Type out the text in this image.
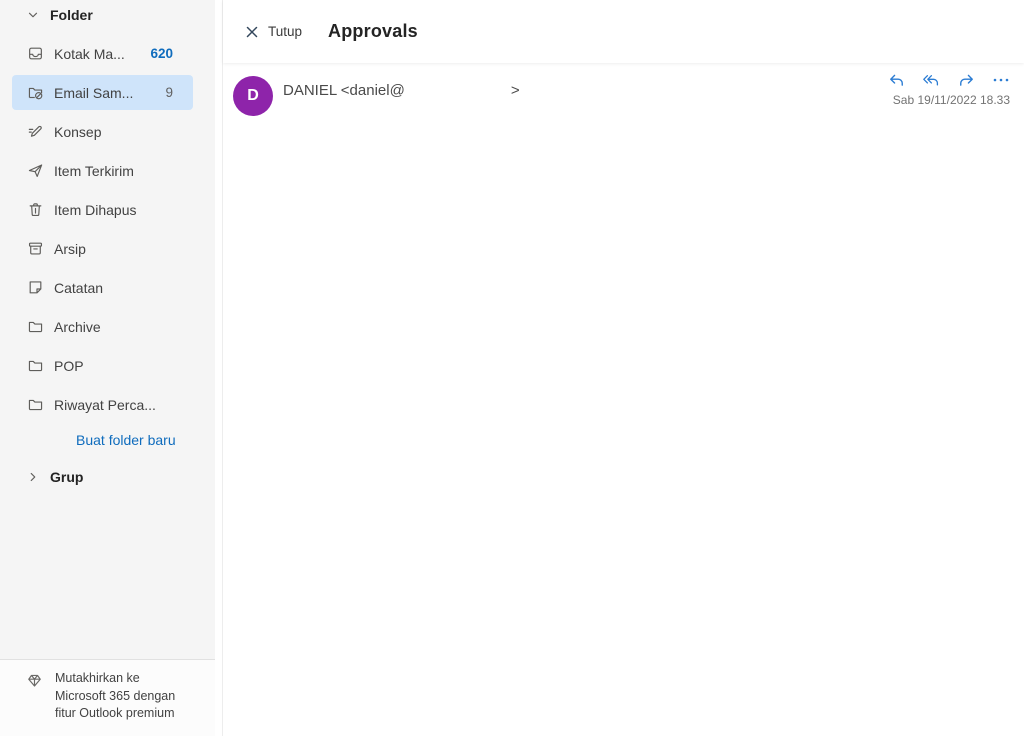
Folder
Kotak Ma... 620
Email Sam... 9
Konsep
Item Terkirim
Item Dihapus
Arsip
Catatan
Archive
POP
Riwayat Perca...
Buat folder baru
Grup
Mutakhirkan ke
Microsoft 365 dengan
fitur Outlook premium
Tutup Approvals
D	DANIEL <daniel@	>
Sab 19/11/2022 18.33
